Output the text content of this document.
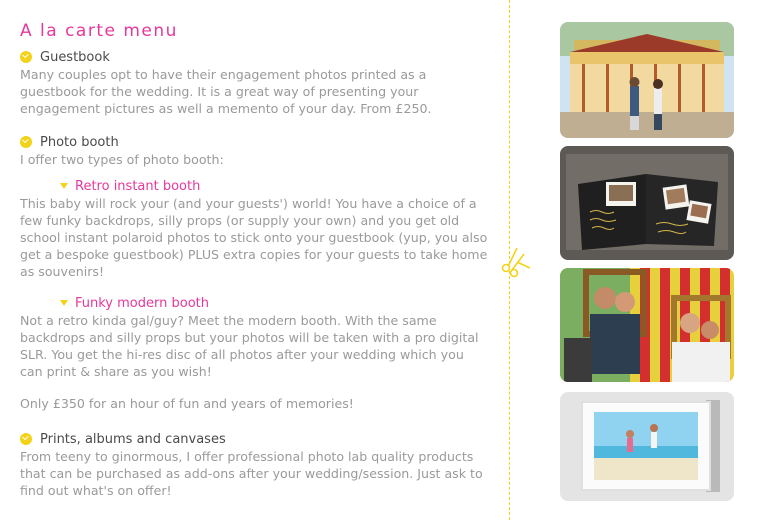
A la carte menu
Guestbook
Many couples opt to have their engagement photos printed as a guestbook for the wedding. It is a great way of presenting your engagement pictures as well a memento of your day. From £250.
Photo booth
I offer two types of photo booth:
Retro instant booth
This baby will rock your (and your guests') world! You have a choice of a few funky backdrops, silly props (or supply your own) and you get old school instant polaroid photos to stick onto your guestbook (yup, you also get a bespoke guestbook) PLUS extra copies for your guests to take home as souvenirs!
Funky modern booth
Not a retro kinda gal/guy? Meet the modern booth. With the same backdrops and silly props but your photos will be taken with a pro digital SLR. You get the hi-res disc of all photos after your wedding which you can print & share as you wish!
Only £350 for an hour of fun and years of memories!
Prints, albums and canvases
From teeny to ginormous, I offer professional photo lab quality products that can be purchased as add-ons after your wedding/session. Just ask to find out what's on offer!
